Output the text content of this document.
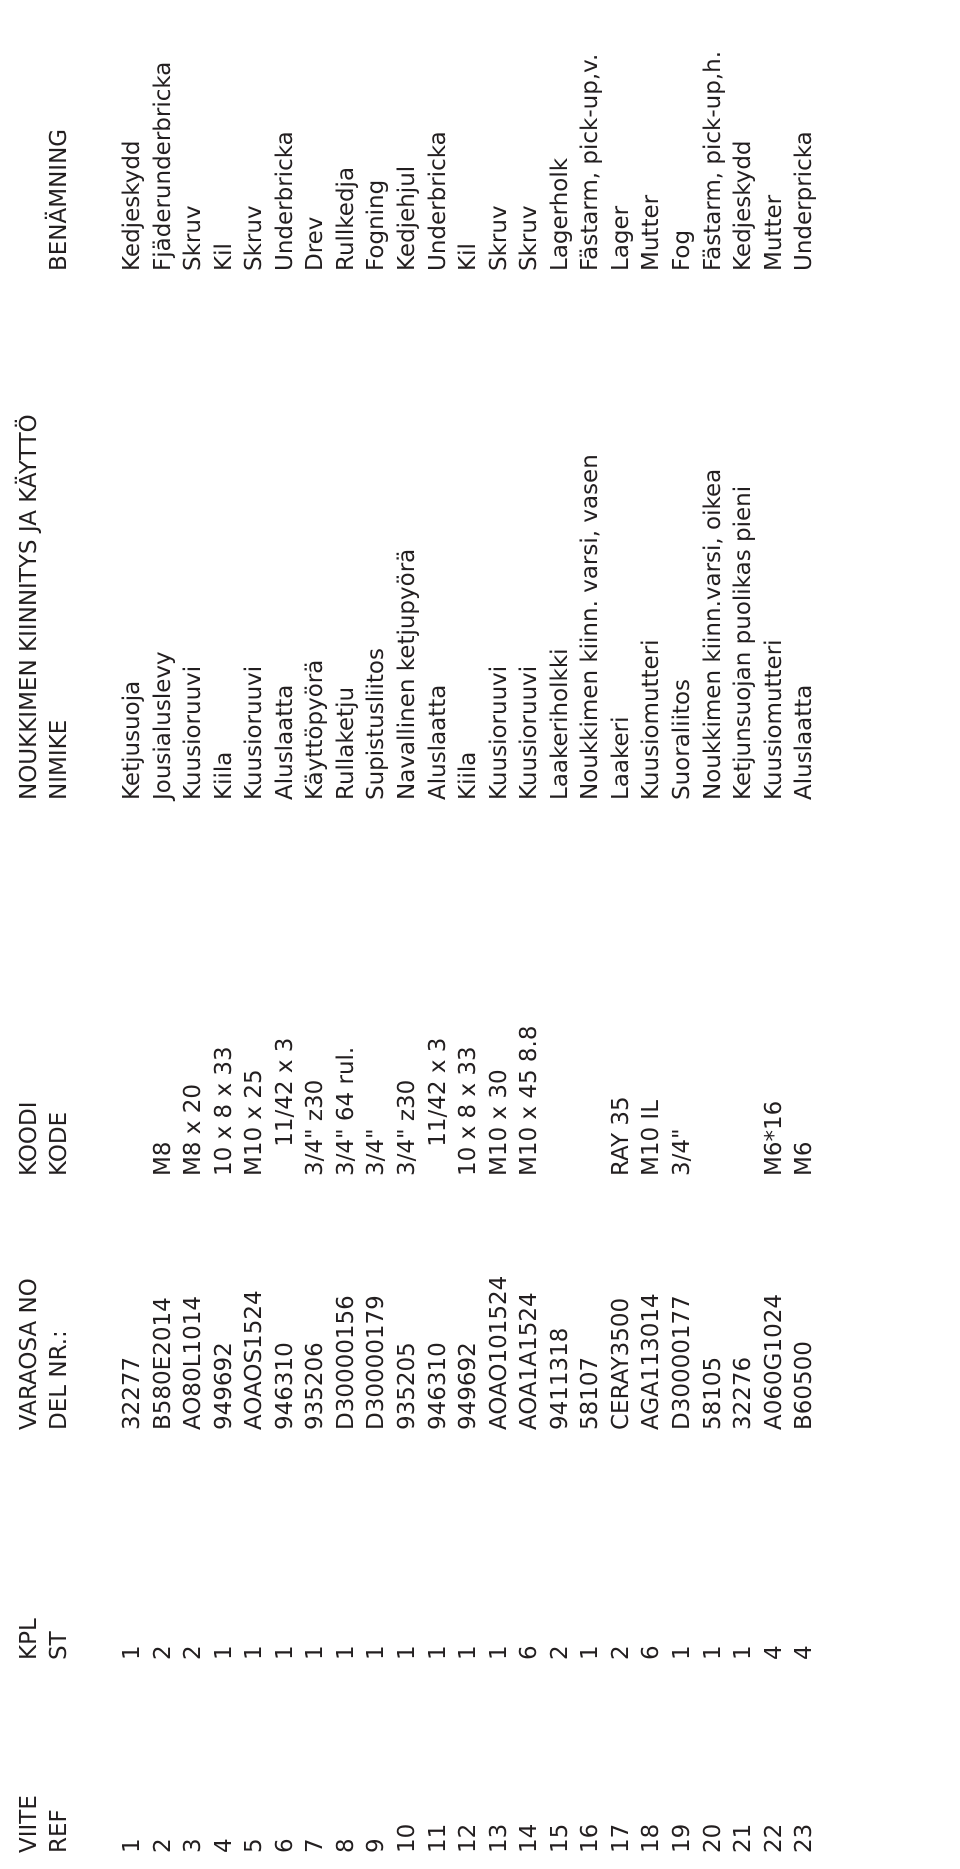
VIITE
KPL
VARAOSA NO
KOODI
NOUKKIMEN KIINNITYS JA KÄYTTÖ
REF
ST
DEL NR.:
KODE
NIMIKE
BENÄMNING
1
1
32277
Ketjusuoja
Kedjeskydd
2
2
B580E2014
M8
Jousialuslevy
Fjäderunderbricka
3
2
AO80L1014
M8 x 20
Kuusioruuvi
Skruv
4
1
949692
10 x 8 x 33
Kiila
Kil
5
1
AOAOS1524
M10 x 25
Kuusioruuvi
Skruv
6
1
946310
11/42 x 3
Aluslaatta
Underbricka
7
1
935206
3/4" z30
Käyttöpyörä
Drev
8
1
D30000156
3/4" 64 rul.
Rullaketju
Rullkedja
9
1
D30000179
3/4"
Supistusliitos
Fogning
10
1
935205
3/4" z30
Navallinen ketjupyörä
Kedjehjul
11
1
946310
11/42 x 3
Aluslaatta
Underbricka
12
1
949692
10 x 8 x 33
Kiila
Kil
13
1
AOAO101524
M10 x 30
Kuusioruuvi
Skruv
14
6
AOA1A1524
M10 x 45 8.8
Kuusioruuvi
Skruv
15
2
9411318
Laakeriholkki
Lagerholk
16
1
58107
Noukkimen kiinn. varsi, vasen
Fästarm, pick-up,v.
17
2
CERAY3500
RAY 35
Laakeri
Lager
18
6
AGA113014
M10 IL
Kuusiomutteri
Mutter
19
1
D30000177
3/4"
Suoraliitos
Fog
20
1
58105
Noukkimen kiinn.varsi, oikea
Fästarm, pick-up,h.
21
1
32276
Ketjunsuojan puolikas pieni
Kedjeskydd
22
4
A060G1024
M6*16
Kuusiomutteri
Mutter
23
4
B60500
M6
Aluslaatta
Underpricka
